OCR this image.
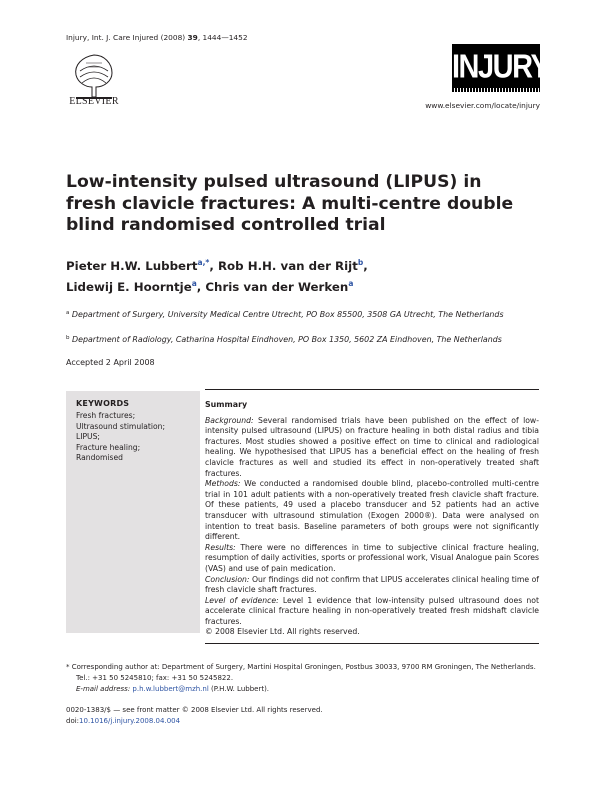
Injury, Int. J. Care Injured (2008) 39, 1444—1452
ELSEVIER
INJURY
www.elsevier.com/locate/injury
Low-intensity pulsed ultrasound (LIPUS) in fresh clavicle fractures: A multi-centre double blind randomised controlled trial
Pieter H.W. Lubbert$^{a,*}$, Rob H.H. van der Rijt$^b$,
Lidewij E. Hoorntje$^a$, Chris van der Werken$^a$
$^a$ Department of Surgery, University Medical Centre Utrecht, PO Box 85500, 3508 GA Utrecht, The Netherlands
$^b$ Department of Radiology, Catharina Hospital Eindhoven, PO Box 1350, 5602 ZA Eindhoven, The Netherlands
Accepted 2 April 2008
KEYWORDS
Fresh fractures;
Ultrasound stimulation;
LIPUS;
Fracture healing;
Randomised
Summary

Background: Several randomised trials have been published on the effect of low-intensity pulsed ultrasound (LIPUS) on fracture healing in both distal radius and tibia fractures. Most studies showed a positive effect on time to clinical and radiological healing. We hypothesised that LIPUS has a beneficial effect on the healing of fresh clavicle fractures as well and studied its effect in non-operatively treated shaft fractures.

Methods: We conducted a randomised double blind, placebo-controlled multi-centre trial in 101 adult patients with a non-operatively treated fresh clavicle shaft fracture. Of these patients, 49 used a placebo transducer and 52 patients had an active transducer with ultrasound stimulation (Exogen 2000®). Data were analysed on intention to treat basis. Baseline parameters of both groups were not significantly different.

Results: There were no differences in time to subjective clinical fracture healing, resumption of daily activities, sports or professional work, Visual Analogue pain Scores (VAS) and use of pain medication.

Conclusion: Our findings did not confirm that LIPUS accelerates clinical healing time of fresh clavicle shaft fractures.

Level of evidence: Level 1 evidence that low-intensity pulsed ultrasound does not accelerate clinical fracture healing in non-operatively treated fresh midshaft clavicle fractures.

© 2008 Elsevier Ltd. All rights reserved.

* Corresponding author at: Department of Surgery, Martini Hospital Groningen, Postbus 30033, 9700 RM Groningen, The Netherlands.
Tel.: +31 50 5245810; fax: +31 50 5245822.
E-mail address: p.h.w.lubbert@mzh.nl (P.H.W. Lubbert).
0020-1383/$ — see front matter © 2008 Elsevier Ltd. All rights reserved.
doi:10.1016/j.injury.2008.04.004
